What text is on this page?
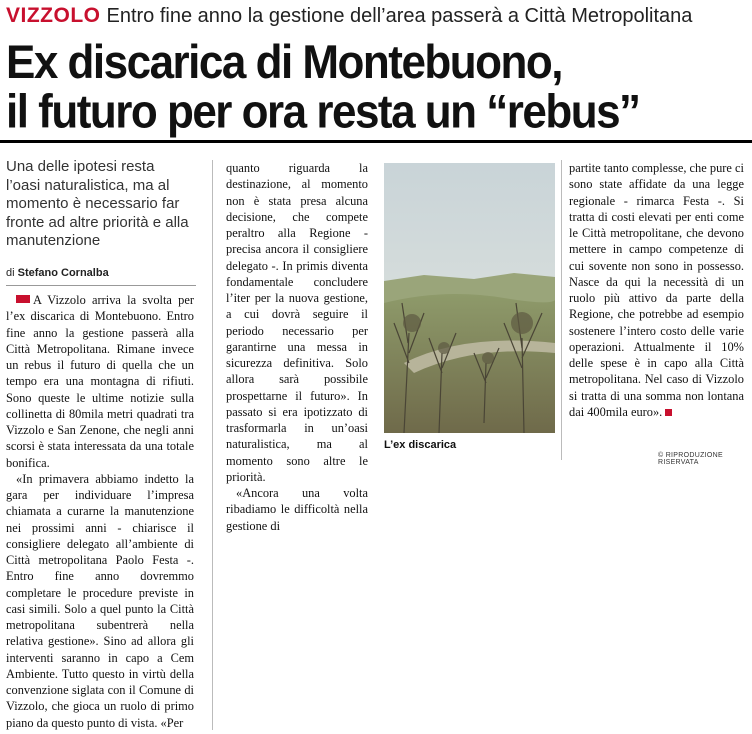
VIZZOLO Entro fine anno la gestione dell’area passerà a Città Metropolitana
Ex discarica di Montebuono,
il futuro per ora resta un “rebus”

Una delle ipotesi resta l’oasi naturalistica, ma al momento è necessario far fronte ad altre priorità e alla manutenzione

di Stefano Cornalba

A Vizzolo arriva la svolta per l’ex discarica di Montebuono. Entro fine anno la gestione passerà alla Città Metropolitana. Rimane invece un rebus il futuro di quella che un tempo era una montagna di rifiuti. Sono queste le ultime notizie sulla collinetta di 80mila metri quadrati tra Vizzolo e San Zenone, che negli anni scorsi è stata interessata da una totale bonifica.

«In primavera abbiamo indetto la gara per individuare l’impresa chiamata a curarne la manutenzione nei prossimi anni - chiarisce il consigliere delegato all’ambiente di Città metropolitana Paolo Festa -. Entro fine anno dovremmo completare le procedure previste in casi simili. Solo a quel punto la Città metropolitana subentrerà nella relativa gestione». Sino ad allora gli interventi saranno in capo a Cem Ambiente. Tutto questo in virtù della convenzione siglata con il Comune di Vizzolo, che gioca un ruolo di primo piano da questo punto di vista. «Per

quanto riguarda la destinazione, al momento non è stata presa alcuna decisione, che compete peraltro alla Regione - precisa ancora il consigliere delegato -. In primis diventa fondamentale concludere l’iter per la nuova gestione, a cui dovrà seguire il periodo necessario per garantirne una messa in sicurezza definitiva. Solo allora sarà possibile prospettarne il futuro». In passato si era ipotizzato di trasformarla in un’oasi naturalistica, ma al momento sono altre le priorità.

«Ancora una volta ribadiamo le difficoltà nella gestione di

L’ex discarica

partite tanto complesse, che pure ci sono state affidate da una legge regionale - rimarca Festa -. Si tratta di costi elevati per enti come le Città metropolitane, che devono mettere in campo competenze di cui sovente non sono in possesso. Nasce da qui la necessità di un ruolo più attivo da parte della Regione, che potrebbe ad esempio sostenere l’intero costo delle varie operazioni. Attualmente il 10% delle spese è in capo alla Città metropolitana. Nel caso di Vizzolo si tratta di una somma non lontana dai 400mila euro».

© RIPRODUZIONE RISERVATA
